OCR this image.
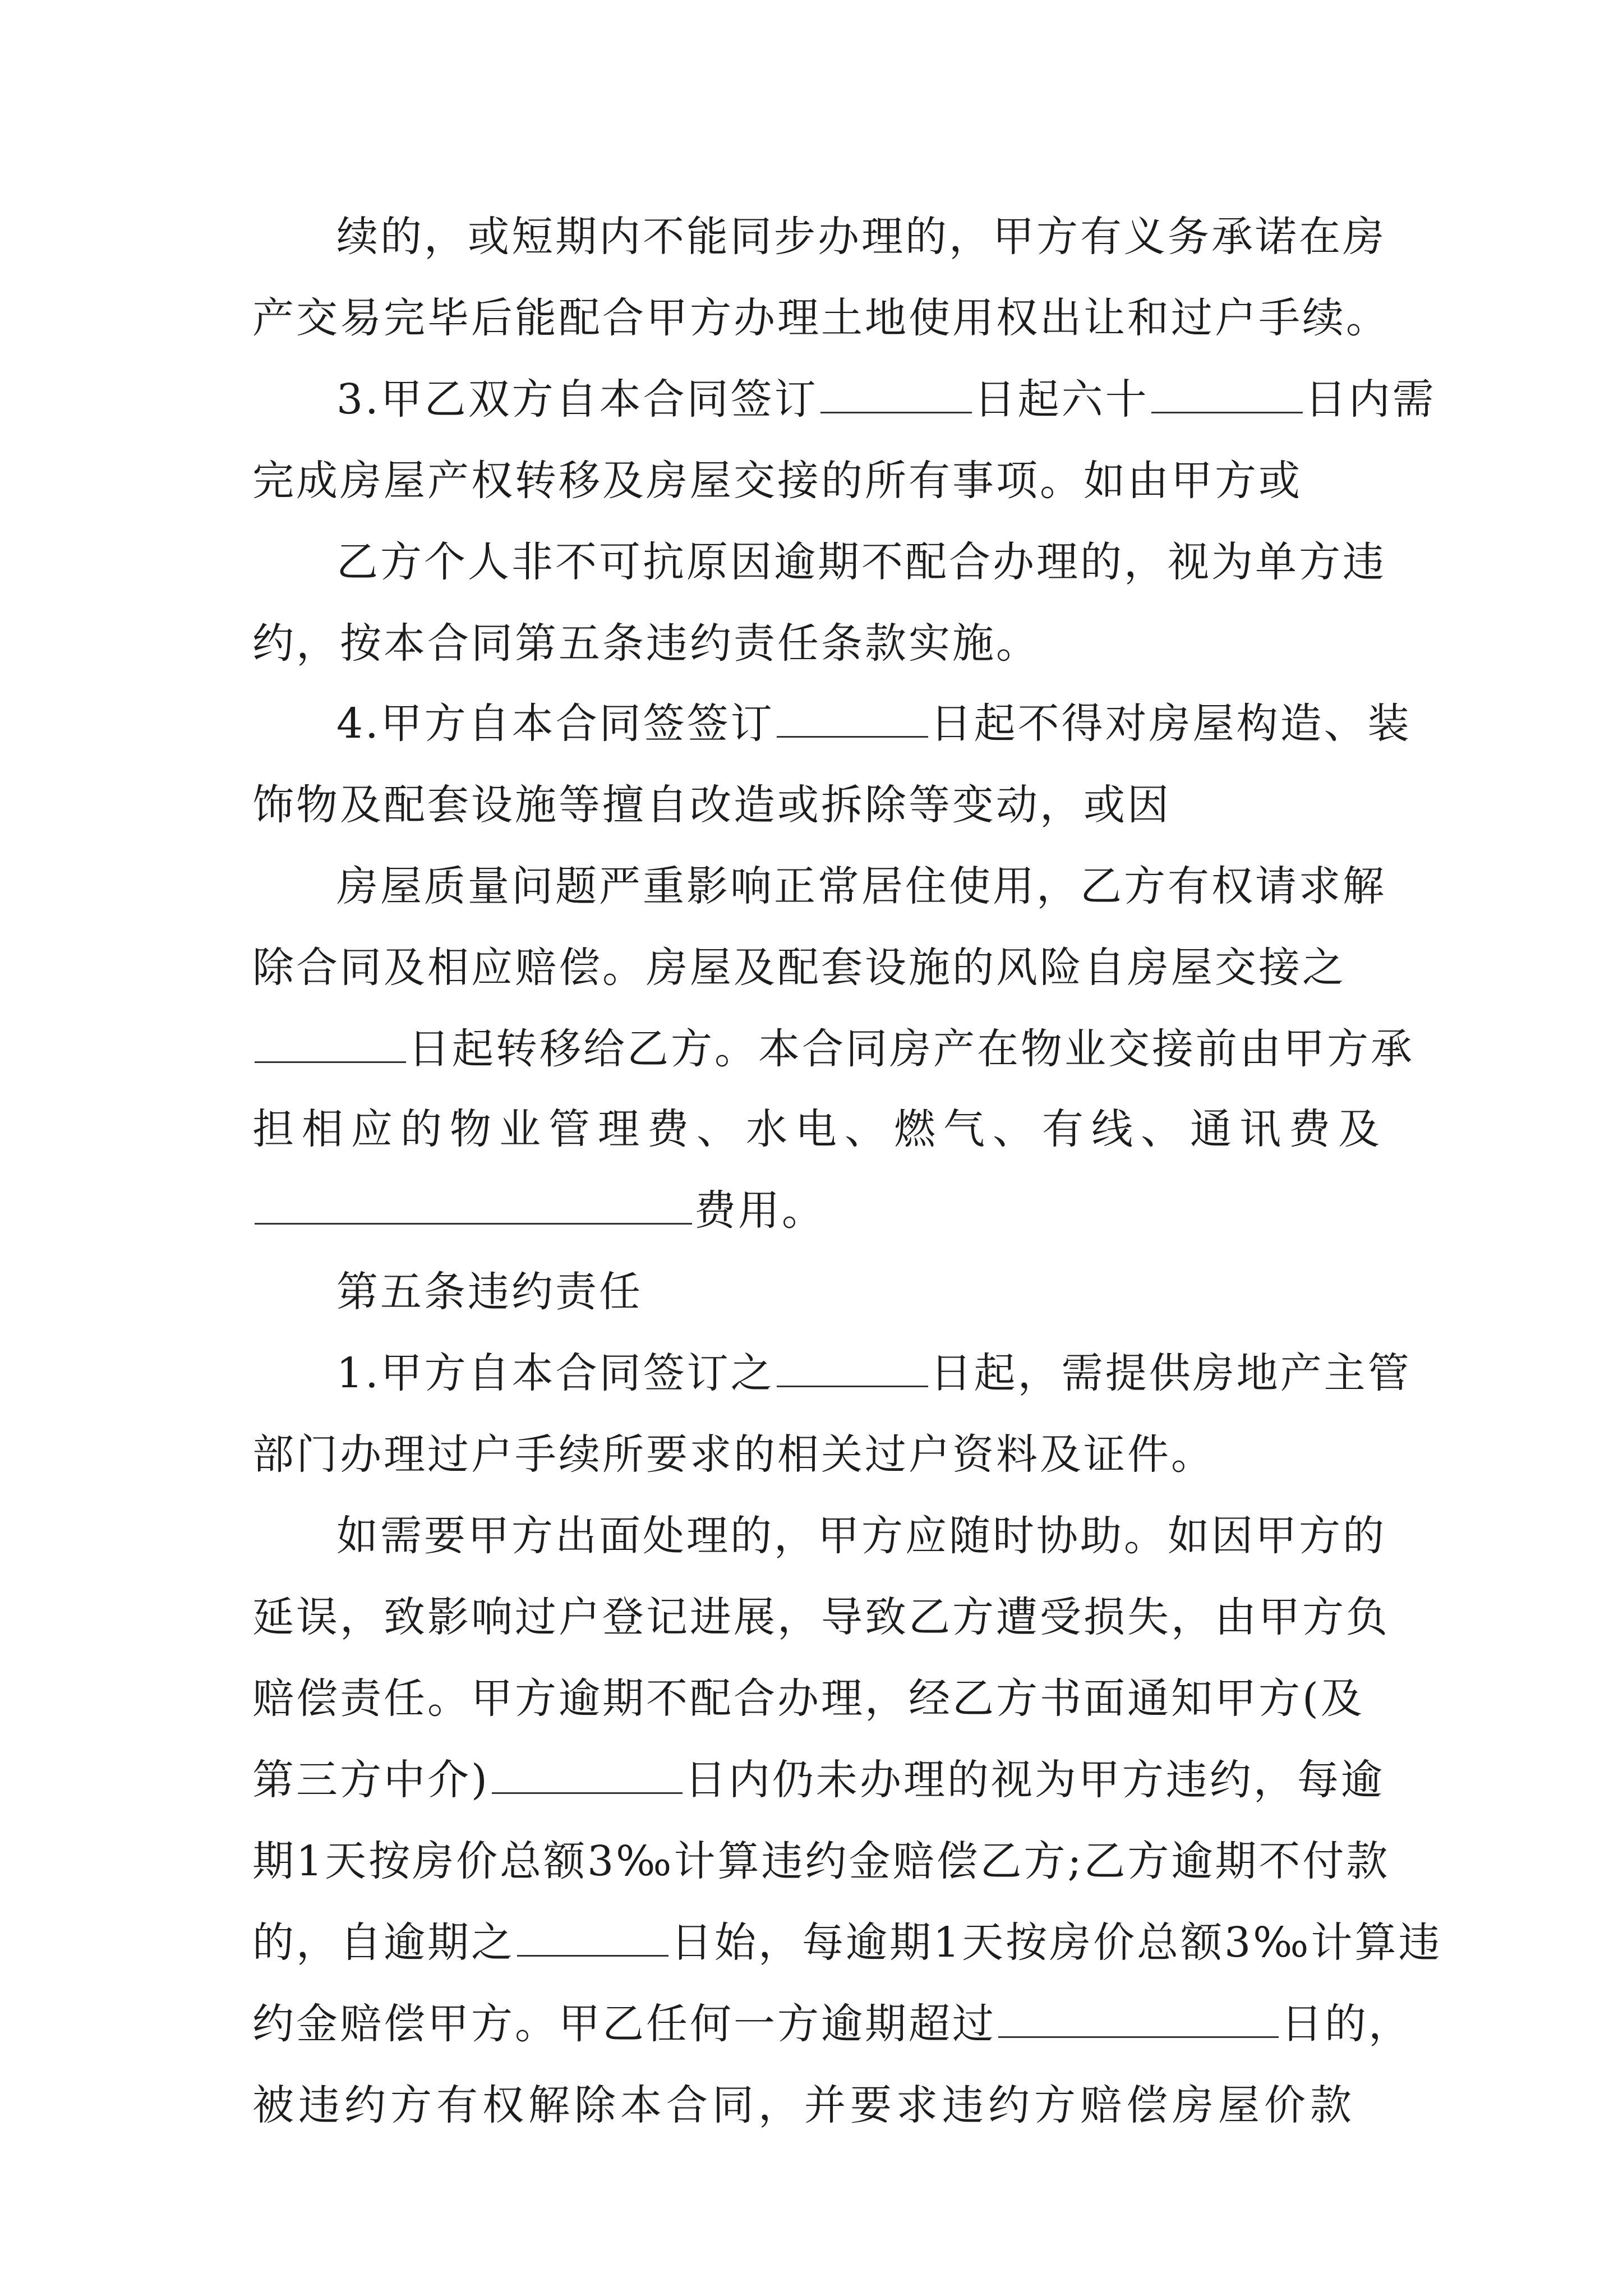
续的，或短期内不能同步办理的，甲方有义务承诺在房
产交易完毕后能配合甲方办理土地使用权出让和过户手续。
3.甲乙双方自本合同签订	日起六十	日内需
完成房屋产权转移及房屋交接的所有事项。如由甲方或
乙方个人非不可抗原因逾期不配合办理的，视为单方违
约，按本合同第五条违约责任条款实施。
4.甲方自本合同签签订	日起不得对房屋构造、装
饰物及配套设施等擅自改造或拆除等变动，或因
房屋质量问题严重影响正常居住使用，乙方有权请求解
除合同及相应赔偿。房屋及配套设施的风险自房屋交接之
日起转移给乙方。本合同房产在物业交接前由甲方承
担相应的物业管理费、水电、燃气、有线、通讯费及
费用。
第五条违约责任
1.甲方自本合同签订之	日起，需提供房地产主管
部门办理过户手续所要求的相关过户资料及证件。
如需要甲方出面处理的，甲方应随时协助。如因甲方的
延误，致影响过户登记进展，导致乙方遭受损失，由甲方负
赔偿责任。甲方逾期不配合办理，经乙方书面通知甲方(及
第三方中介)	日内仍未办理的视为甲方违约，每逾
期1天按房价总额3‰计算违约金赔偿乙方;乙方逾期不付款
的，自逾期之	日始，每逾期1天按房价总额3‰计算违
约金赔偿甲方。甲乙任何一方逾期超过	日的，
被违约方有权解除本合同，并要求违约方赔偿房屋价款
